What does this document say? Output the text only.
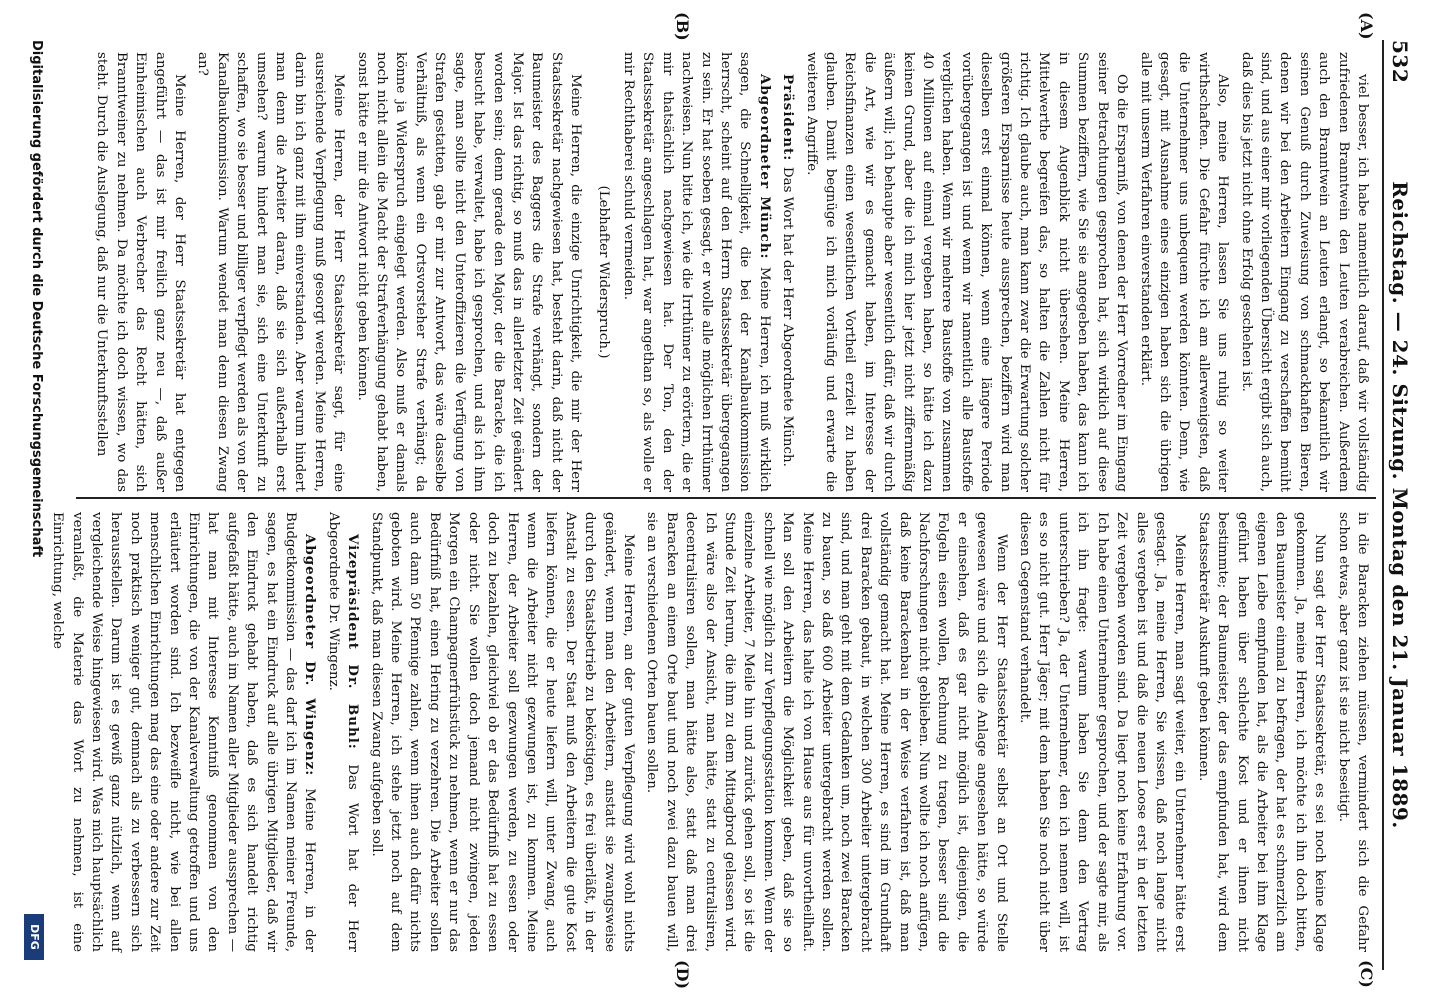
532
Reichstag. — 24. Sitzung. Montag den 21. Januar 1889.
(A)
(B)
(C)
(D)

viel besser, ich habe namentlich darauf, daß wir vollständig zufriedenen Branntwein den Leuten verabreichen. Außerdem auch den Branntwein an Leuten erlangt, so bekanntlich wir seinen Genuß durch Zuweisung von schmackhaften Bieren, denen wir bei den Arbeitern Eingang zu verschaffen bemüht sind, und aus einer mir vorliegenden Übersicht ergibt sich auch, daß dies bis jetzt nicht ohne Erfolg geschehen ist.

Also, meine Herren, lassen Sie uns ruhig so weiter wirthschaften. Die Gefahr fürchte ich am allerwenigsten, daß die Unternehmer uns unbequem werden könnten. Denn, wie gesagt, mit Ausnahme eines einzigen haben sich die übrigen alle mit unserm Verfahren einverstanden erklärt.

Ob die Ersparniß, von denen der Herr Vorredner im Eingang seiner Betrachtungen gesprochen hat, sich wirklich auf diese Summen beziffern, wie Sie sie angegeben haben, das kann ich in diesem Augenblick nicht übersehen. Meine Herren, Mittelwerthe begreifen das, so halten die Zahlen nicht für richtig. Ich glaube auch, man kann zwar die Erwartung solcher größeren Ersparnisse heute aussprechen, beziffern wird man dieselben erst einmal können, wenn eine längere Periode vorübergegangen ist und wenn wir namentlich alle Baustoffe verglichen haben. Wenn wir mehrere Baustoffe von zusammen 40 Millionen auf einmal vergeben haben, so hätte ich dazu keinen Grund, aber die ich mich hier jetzt nicht ziffernmäßig äußern will; ich behaupte aber wesentlich dafür, daß wir durch die Art, wie wir es gemacht haben, im Interesse der Reichsfinanzen einen wesentlichen Vortheil erzielt zu haben glauben. Damit begnüge ich mich vorläufig und erwarte die weiteren Angriffe.

Präsident: Das Wort hat der Herr Abgeordnete Münch.

Abgeordneter Münch: Meine Herren, ich muß wirklich sagen, die Schnelligkeit, die bei der Kanalbaukommission herrscht, scheint auf den Herrn Staatssekretär übergegangen zu sein. Er hat soeben gesagt, er wolle alle möglichen Irrthümer nachweisen. Nun bitte ich, wie die Irrthümer zu erörtern, die er mir thatsächlich nachgewiesen hat. Der Ton, den der Staatssekretär angeschlagen hat, war angethan so, als wolle er mir Rechthaberei schuld vermeiden.

(Lebhafter Widerspruch.)

Meine Herren, die einzige Unrichtigkeit, die mir der Herr Staatssekretär nachgewiesen hat, besteht darin, daß nicht der Baumeister des Baggers die Strafe verhängt, sondern der Major. Ist das richtig, so muß das in allerletzter Zeit geändert worden sein; denn gerade den Major, der die Baracke, die ich besucht habe, verwaltet, habe ich gesprochen, und als ich ihm sagte, man sollte nicht den Unteroffizieren die Verfügung von Strafen gestatten, gab er mir zur Antwort, das wäre dasselbe Verhältniß, als wenn ein Ortsvorsteher Strafe verhängt; da könne ja Widerspruch eingelegt werden. Also muß er damals noch nicht allein die Macht der Strafverhängung gehabt haben, sonst hätte er mir die Antwort nicht geben können.

Meine Herren, der Herr Staatssekretär sagt, für eine ausreichende Verpflegung muß gesorgt werden. Meine Herren, darin bin ich ganz mit ihm einverstanden. Aber warum hindert man denn die Arbeiter daran, daß sie sich außerhalb erst umsehen? warum hindert man sie, sich eine Unterkunft zu schaffen, wo sie besser und billiger verpflegt werden als von der Kanalbaukommission. Warum wendet man denn diesen Zwang an?

Meine Herren, der Herr Staatssekretär hat entgegen angeführt — das ist mir freilich ganz neu —, daß außer Einheimischen auch Verbrecher das Recht hätten, sich Branntweiner zu nehmen. Da möchte ich doch wissen, wo das steht. Durch die Auslegung, daß nur die Unterkunftsstellen

in die Baracken ziehen müssen, vermindert sich die Gefahr schon etwas, aber ganz ist sie nicht beseitigt.

Nun sagt der Herr Staatssekretär, es sei noch keine Klage gekommen. Ja, meine Herren, ich möchte ich ihn doch bitten, den Baumeister einmal zu befragen, der hat es schmerzlich am eigenen Leibe empfunden hat, als die Arbeiter bei ihm Klage geführt haben über schlechte Kost und er ihnen nicht bestimmte; der Baumeister, der das empfunden hat, wird dem Staatssekretär Auskunft geben können.

Meine Herren, man sagt weiter, ein Unternehmer hätte erst gestagt. Ja, meine Herren, Sie wissen, daß noch lange nicht alles vergeben ist und daß die neuen Loose erst in der letzten Zeit vergeben worden sind. Da liegt noch keine Erfahrung vor. Ich habe einen Unternehmer gesprochen, und der sagte mir, als ich ihn fragte: warum haben Sie denn den Vertrag unterschrieben? Ja, der Unternehmer, den ich nennen will, ist es so nicht gut. Herr Jäger; mit dem haben Sie noch nicht über diesen Gegenstand verhandelt.

Wenn der Herr Staatssekretär selbst an Ort und Stelle gewesen wäre und sich die Anlage angesehen hätte, so würde er einsehen, daß es gar nicht möglich ist, diejenigen, die Folgeln eisen wollen, Rechnung zu tragen, besser sind die Nachforschungen nicht geblieben. Nun wollte ich noch anfügen, daß keine Barackenbau in der Weise verfahren ist, daß man vollständig gemacht hat. Meine Herren, es sind im Grundhaft drei Baracken gebaut, in welchen 300 Arbeiter untergebracht sind, und man geht mit dem Gedanken um, noch zwei Baracken zu bauen, so daß 600 Arbeiter untergebracht werden sollen. Meine Herren, das halte ich von Hause aus für unvortheilhaft. Man soll den Arbeitern die Möglichkeit geben, daß sie so schnell wie möglich zur Verpflegungsstation kommen. Wenn der einzelne Arbeiter, 7 Meile hin und zurück gehen soll, so ist die Stunde Zeit herum, die ihm zu dem Mittagbrod gelassen wird. Ich wäre also der Ansicht, man hätte, statt zu centralisiren, decentralisiren sollen, man hätte also, statt daß man drei Baracken an einem Orte baut und noch zwei dazu bauen will, sie an verschiedenen Orten bauen sollen.

Meine Herren, an der guten Verpflegung wird wohl nichts geändert, wenn man den Arbeitern, anstatt sie zwangsweise durch den Staatsbetrieb zu beköstigen, es frei überläßt, in der Anstalt zu essen. Der Staat muß den Arbeitern die gute Kost liefern können, die er heute liefern will, unter Zwang, auch wenn die Arbeiter nicht gezwungen ist, zu kommen. Meine Herren, der Arbeiter soll gezwungen werden, zu essen oder doch zu bezahlen, gleichviel ob er das Bedürfniß hat zu essen oder nicht. Sie wollen doch jemand nicht zwingen, jeden Morgen ein Champagnerfrühstück zu nehmen, wenn er nur das Bedürfniß hat, einen Hering zu verzehren. Die Arbeiter sollen auch dann 50 Pfennige zahlen, wenn ihnen auch dafür nichts geboten wird. Meine Herren, ich stehe jetzt noch auf dem Standpunkt, daß man diesen Zwang aufgeben soll.

Vizepräsident Dr. Buhl: Das Wort hat der Herr Abgeordnete Dr. Wingenz.

Abgeordneter Dr. Wingenz: Meine Herren, in der Budgetkommission — das darf ich im Namen meiner Freunde, sagen, es hat ein Eindruck auf alle übrigen Mitglieder, daß wir den Eindruck gehabt haben, daß es sich handelt richtig aufgefaßt hätte, auch im Namen aller Mitglieder aussprechen — hat man mit Interesse Kenntniß genommen von den Einrichtungen, die von der Kanalverwaltung getroffen und uns erläutert worden sind. Ich bezweifle nicht, wie bei allen menschlichen Einrichtungen mag das eine oder andere zur Zeit noch praktisch weniger gut, demnach als zu verbessern sich herausstellen. Darum ist es gewiß ganz nützlich, wenn auf vergleichende Weise hingewiesen wird. Was mich hauptsächlich veranlaßt, die Materie das Wort zu nehmen, ist eine Einrichtung, welche

Digitalisierung gefördert durch die Deutsche Forschungsgemeinschaft
DFG
